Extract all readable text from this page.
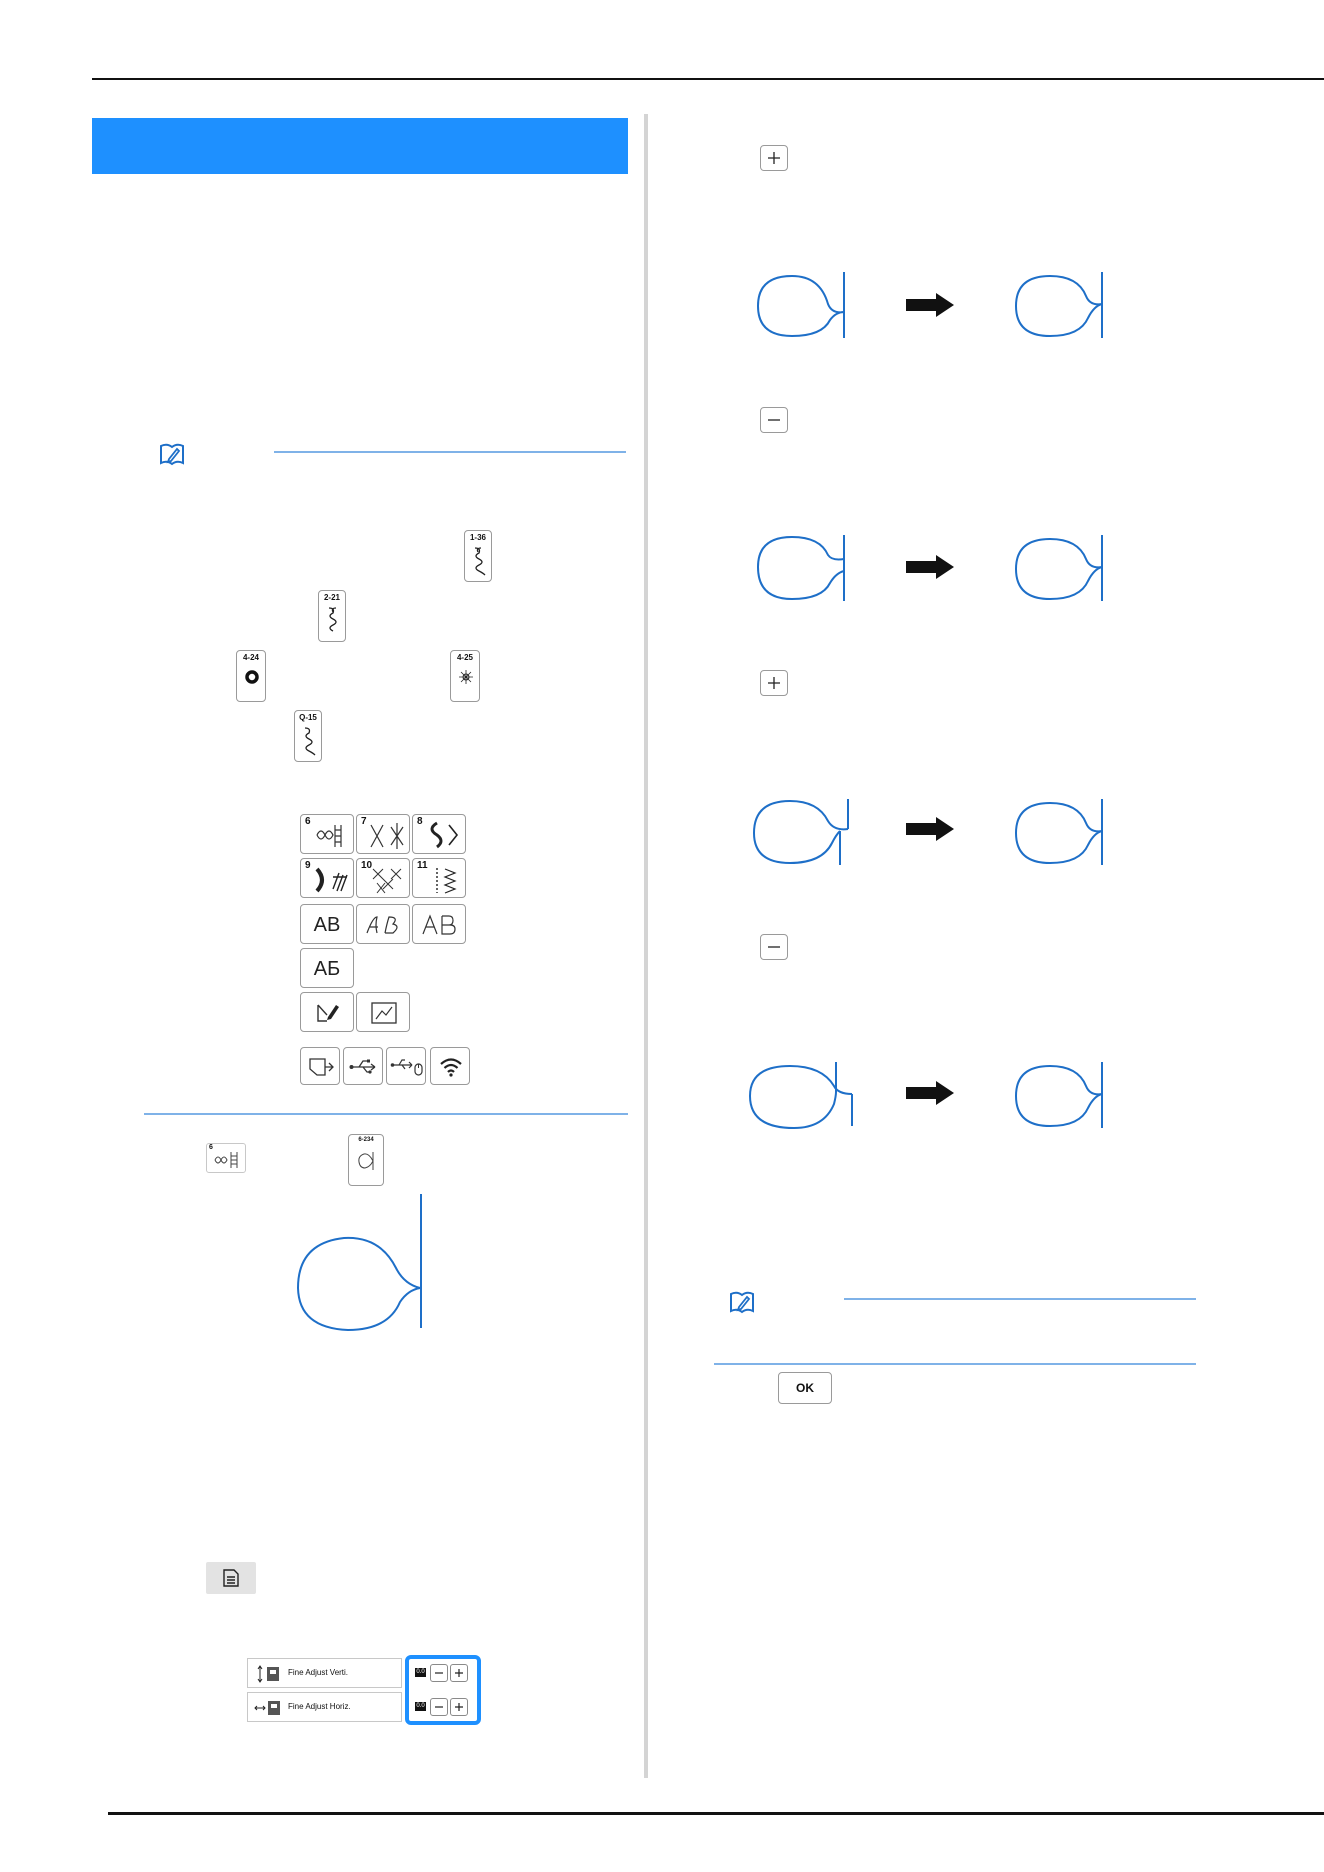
1-36
2-21
4-24	4-25
Q-15
6	7	8
9	10	11
AB
АБ
6
6-234
Fine Adjust Verti.
Fine Adjust Horiz.
0.0
0.0
OK
